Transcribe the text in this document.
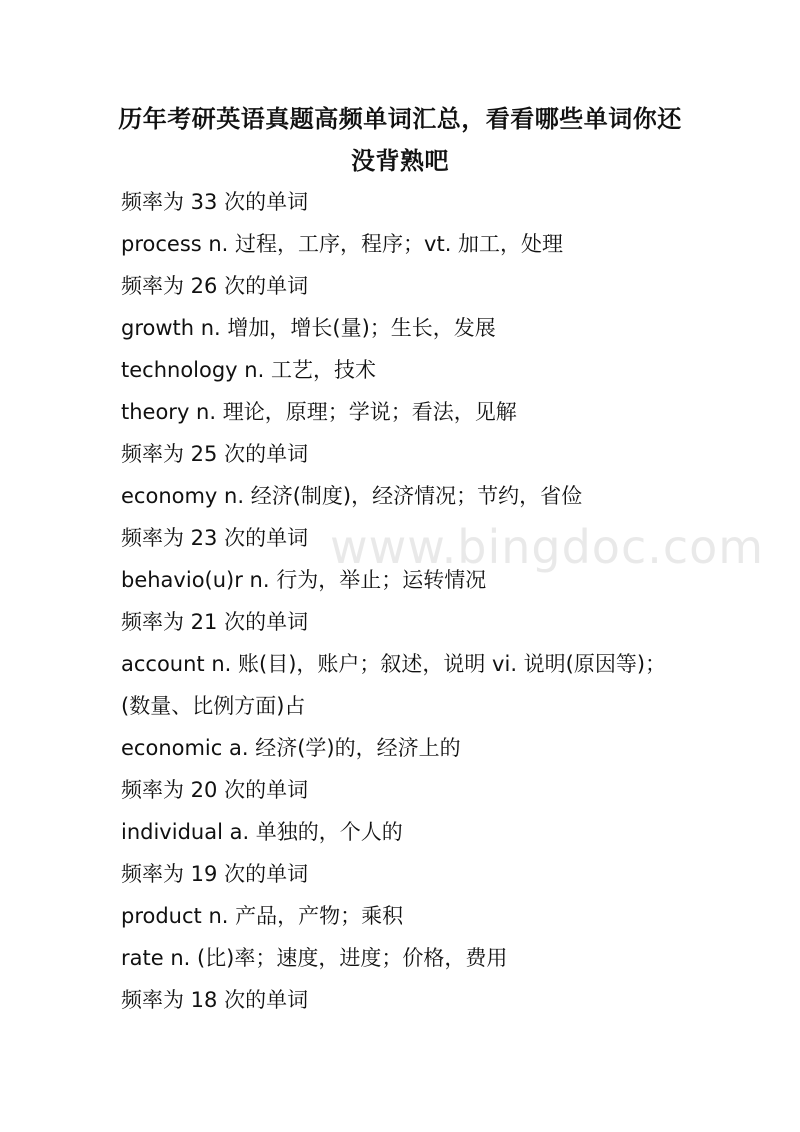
历年考研英语真题高频单词汇总，看看哪些单词你还没背熟吧
www.bingdoc.com
频率为 33 次的单词
process n. 过程，工序，程序；vt. 加工，处理
频率为 26 次的单词
growth n. 增加，增长(量)；生长，发展
technology n. 工艺，技术
theory n. 理论，原理；学说；看法，见解
频率为 25 次的单词
economy n. 经济(制度)，经济情况；节约，省俭
频率为 23 次的单词
behavio(u)r n. 行为，举止；运转情况
频率为 21 次的单词
account n. 账(目)，账户；叙述，说明 vi. 说明(原因等)；(数量、比例方面)占
economic a. 经济(学)的，经济上的
频率为 20 次的单词
individual a. 单独的，个人的
频率为 19 次的单词
product n. 产品，产物；乘积
rate n. (比)率；速度，进度；价格，费用
频率为 18 次的单词
